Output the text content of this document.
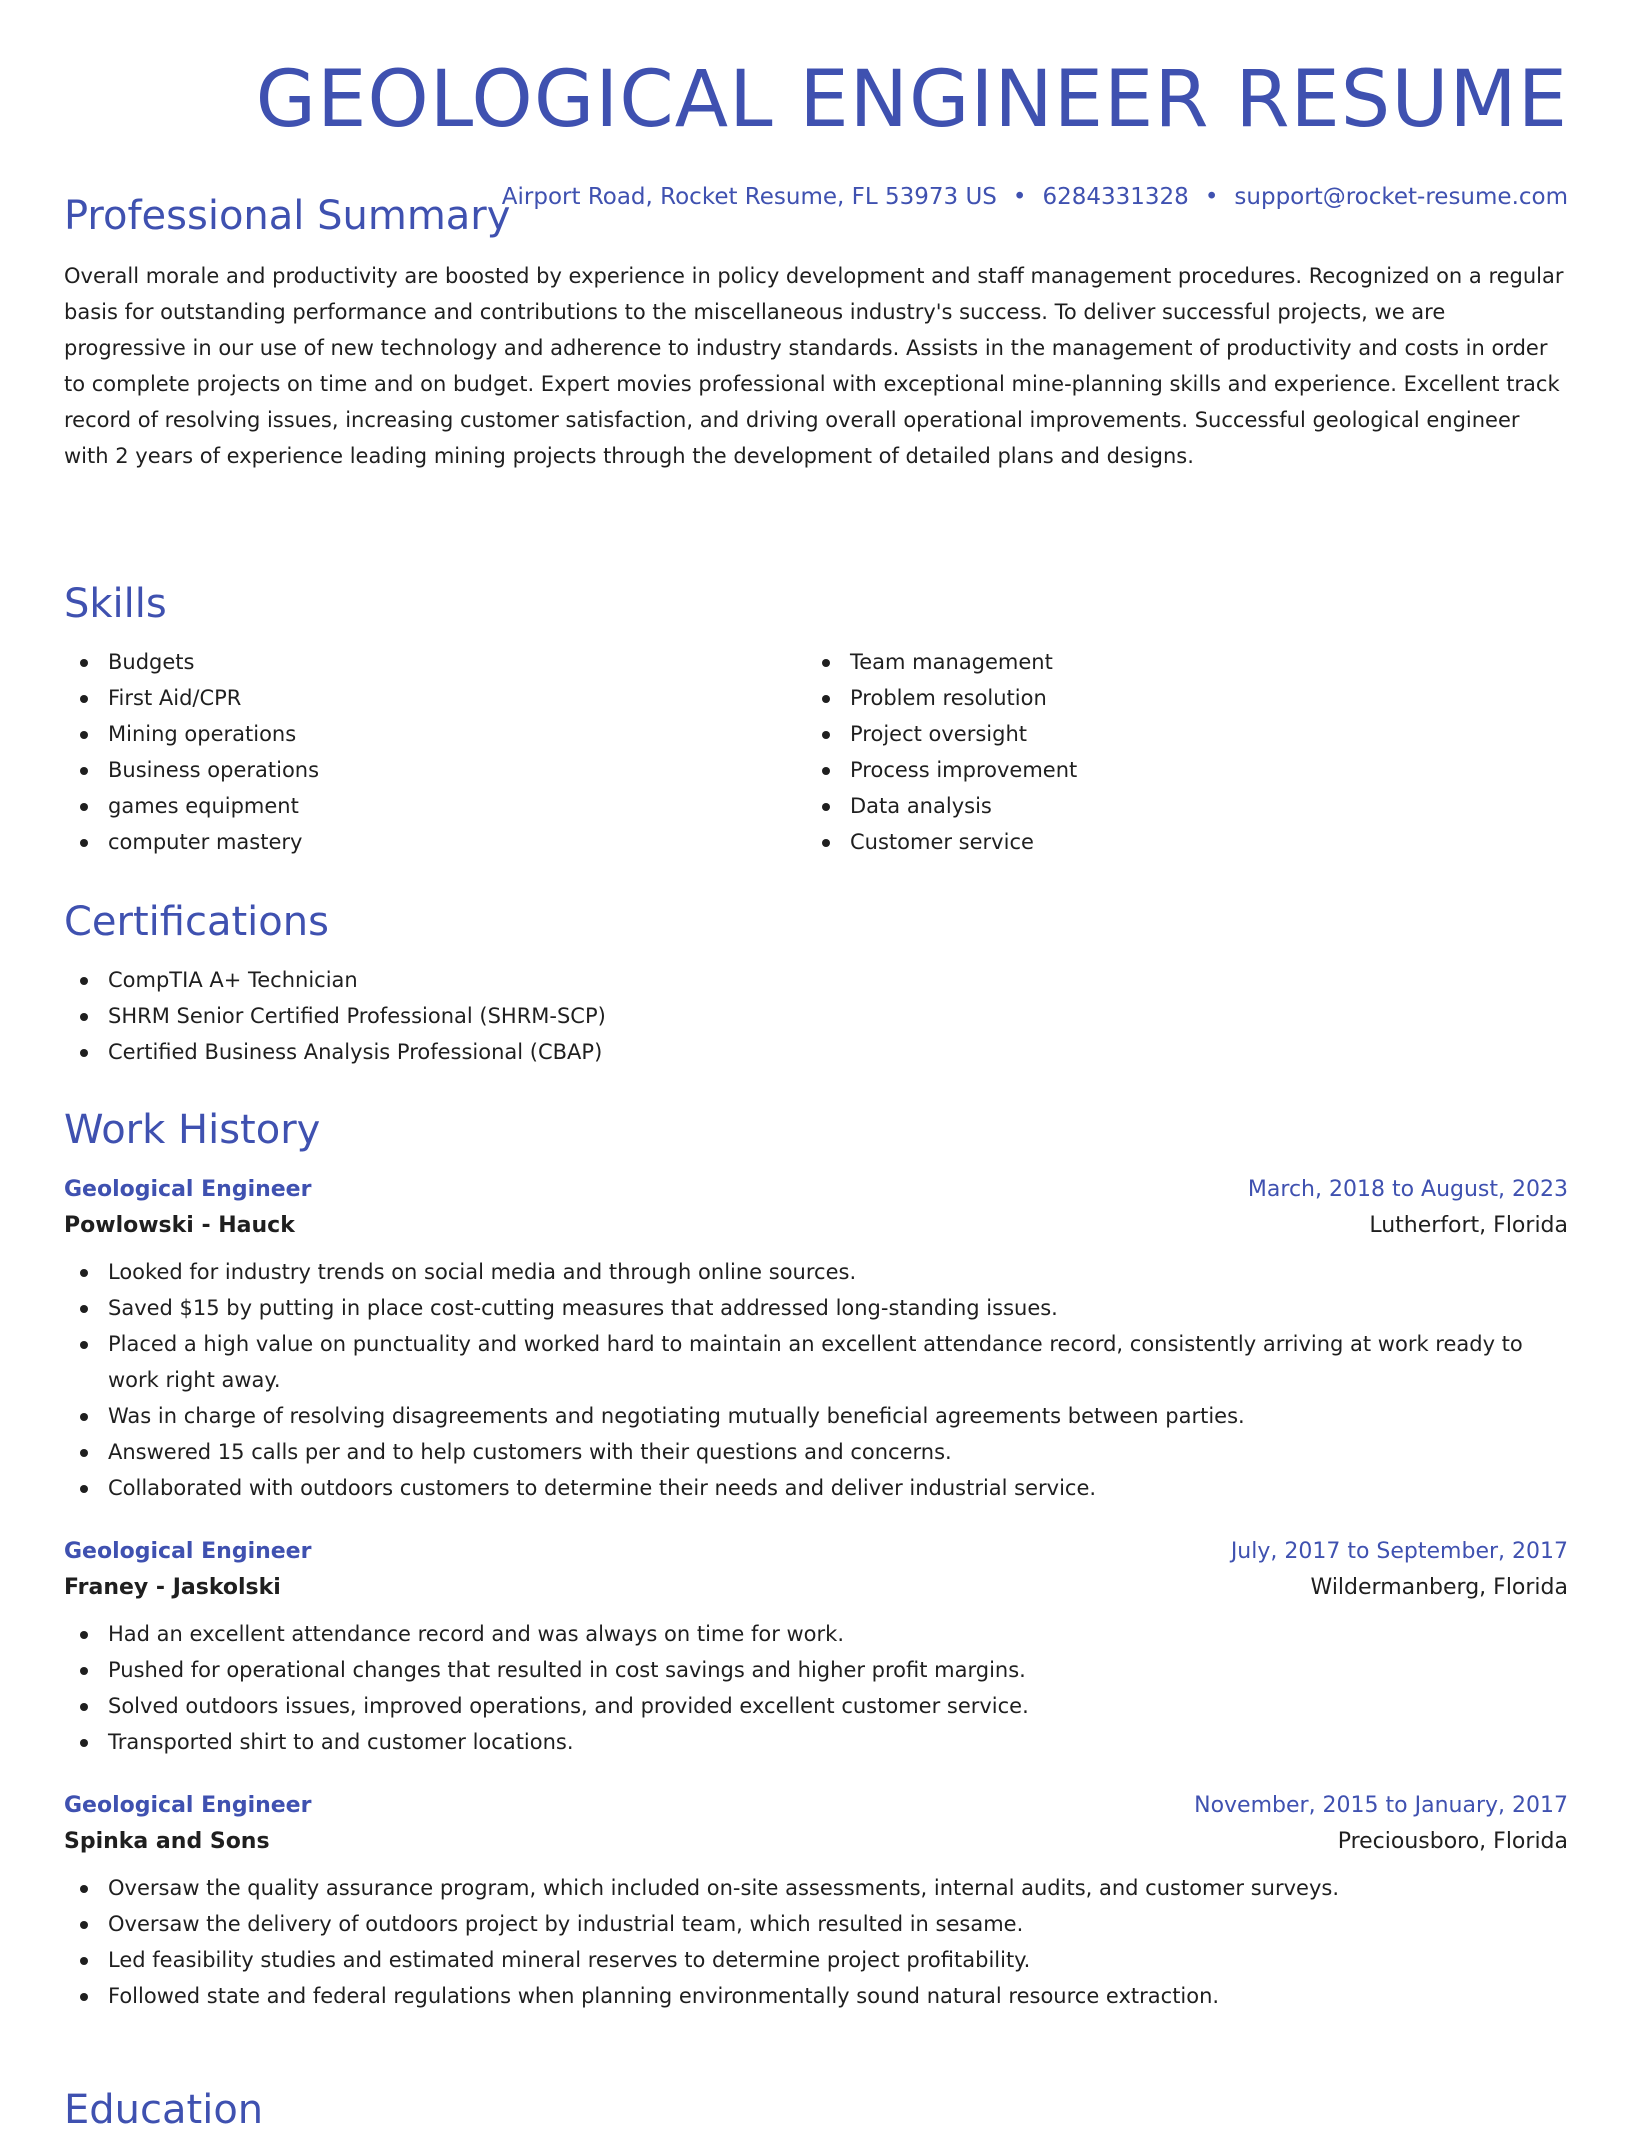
GEOLOGICAL ENGINEER RESUME
Airport Road, Rocket Resume, FL 53973 US • 6284331328 • support@rocket-resume.com
Professional Summary

Overall morale and productivity are boosted by experience in policy development and staff management procedures. Recognized on a regular basis for outstanding performance and contributions to the miscellaneous industry's success. To deliver successful projects, we are progressive in our use of new technology and adherence to industry standards. Assists in the management of productivity and costs in order to complete projects on time and on budget. Expert movies professional with exceptional mine-planning skills and experience. Excellent track record of resolving issues, increasing customer satisfaction, and driving overall operational improvements. Successful geological engineer with 2 years of experience leading mining projects through the development of detailed plans and designs.

Skills
Budgets
First Aid/CPR
Mining operations
Business operations
games equipment
computer mastery
Team management
Problem resolution
Project oversight
Process improvement
Data analysis
Customer service
Certifications
CompTIA A+ Technician
SHRM Senior Certified Professional (SHRM-SCP)
Certified Business Analysis Professional (CBAP)
Work History
Geological Engineer	March, 2018 to August, 2023
Powlowski - Hauck	Lutherfort, Florida
Looked for industry trends on social media and through online sources.
Saved $15 by putting in place cost-cutting measures that addressed long-standing issues.
Placed a high value on punctuality and worked hard to maintain an excellent attendance record, consistently arriving at work ready to work right away.
Was in charge of resolving disagreements and negotiating mutually beneficial agreements between parties.
Answered 15 calls per and to help customers with their questions and concerns.
Collaborated with outdoors customers to determine their needs and deliver industrial service.
Geological Engineer	July, 2017 to September, 2017
Franey - Jaskolski	Wildermanberg, Florida
Had an excellent attendance record and was always on time for work.
Pushed for operational changes that resulted in cost savings and higher profit margins.
Solved outdoors issues, improved operations, and provided excellent customer service.
Transported shirt to and customer locations.
Geological Engineer	November, 2015 to January, 2017
Spinka and Sons	Preciousboro, Florida
Oversaw the quality assurance program, which included on-site assessments, internal audits, and customer surveys.
Oversaw the delivery of outdoors project by industrial team, which resulted in sesame.
Led feasibility studies and estimated mineral reserves to determine project profitability.
Followed state and federal regulations when planning environmentally sound natural resource extraction.
Education
